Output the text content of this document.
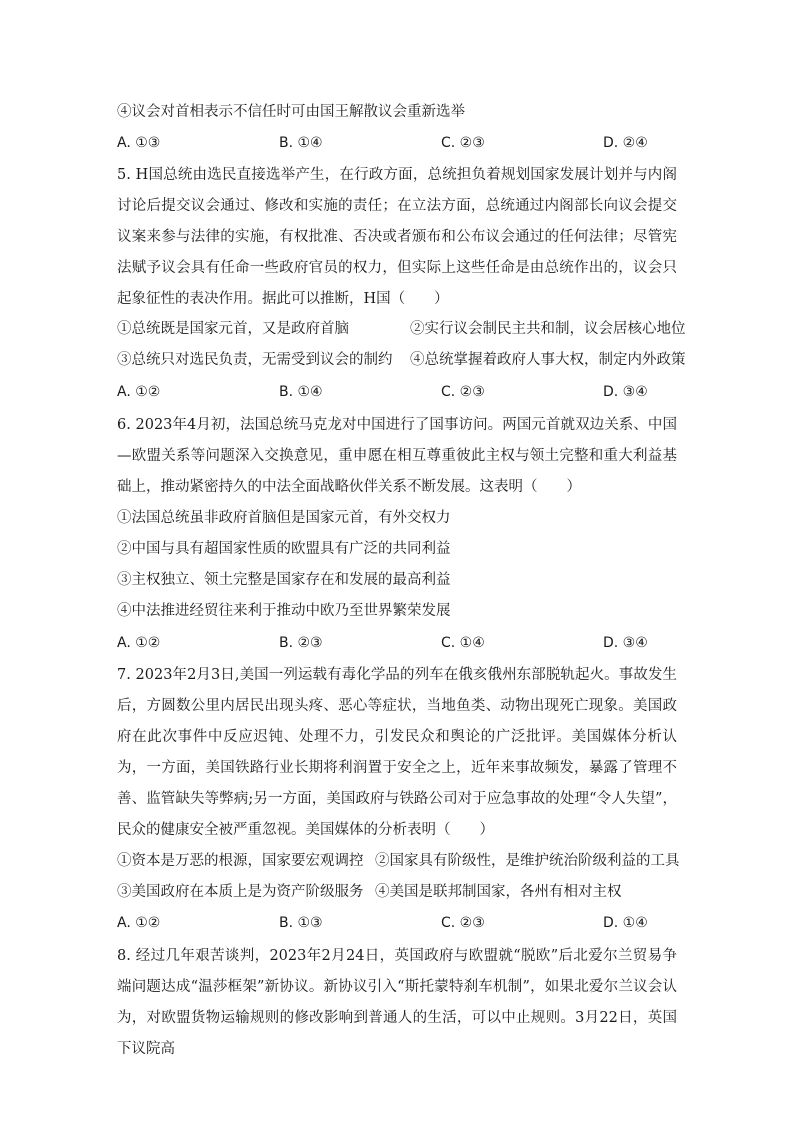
④议会对首相表示不信任时可由国王解散议会重新选举
A. ①③	B. ①④	C. ②③	D. ②④
5. H国总统由选民直接选举产生，在行政方面，总统担负着规划国家发展计划并与内阁讨论后提交议会通过、修改和实施的责任；在立法方面，总统通过内阁部长向议会提交议案来参与法律的实施，有权批准、否决或者颁布和公布议会通过的任何法律；尽管宪法赋予议会具有任命一些政府官员的权力，但实际上这些任命是由总统作出的，议会只起象征性的表决作用。据此可以推断，H国（　　）
①总统既是国家元首，又是政府首脑	②实行议会制民主共和制，议会居核心地位
③总统只对选民负责，无需受到议会的制约 ④总统掌握着政府人事大权，制定内外政策
A. ①②	B. ①④	C. ②③	D. ③④
6. 2023年4月初，法国总统马克龙对中国进行了国事访问。两国元首就双边关系、中国—欧盟关系等问题深入交换意见，重申愿在相互尊重彼此主权与领土完整和重大利益基础上，推动紧密持久的中法全面战略伙伴关系不断发展。这表明（　　）
①法国总统虽非政府首脑但是国家元首，有外交权力
②中国与具有超国家性质的欧盟具有广泛的共同利益
③主权独立、领土完整是国家存在和发展的最高利益
④中法推进经贸往来利于推动中欧乃至世界繁荣发展
A. ①②	B. ②③	C. ①④	D. ③④
7. 2023年2月3日,美国一列运载有毒化学品的列车在俄亥俄州东部脱轨起火。事故发生后，方圆数公里内居民出现头疼、恶心等症状，当地鱼类、动物出现死亡现象。美国政府在此次事件中反应迟钝、处理不力，引发民众和舆论的广泛批评。美国媒体分析认为，一方面，美国铁路行业长期将利润置于安全之上，近年来事故频发，暴露了管理不善、监管缺失等弊病;另一方面，美国政府与铁路公司对于应急事故的处理“令人失望”，民众的健康安全被严重忽视。美国媒体的分析表明（　　）
①资本是万恶的根源，国家要宏观调控 ②国家具有阶级性，是维护统治阶级利益的工具
③美国政府在本质上是为资产阶级服务 ④美国是联邦制国家，各州有相对主权
A. ①②	B. ①③	C. ②③	D. ①④
8. 经过几年艰苦谈判，2023年2月24日，英国政府与欧盟就“脱欧”后北爱尔兰贸易争端问题达成“温莎框架”新协议。新协议引入“斯托蒙特刹车机制”，如果北爱尔兰议会认为，对欧盟货物运输规则的修改影响到普通人的生活，可以中止规则。3月22日，英国下议院高
